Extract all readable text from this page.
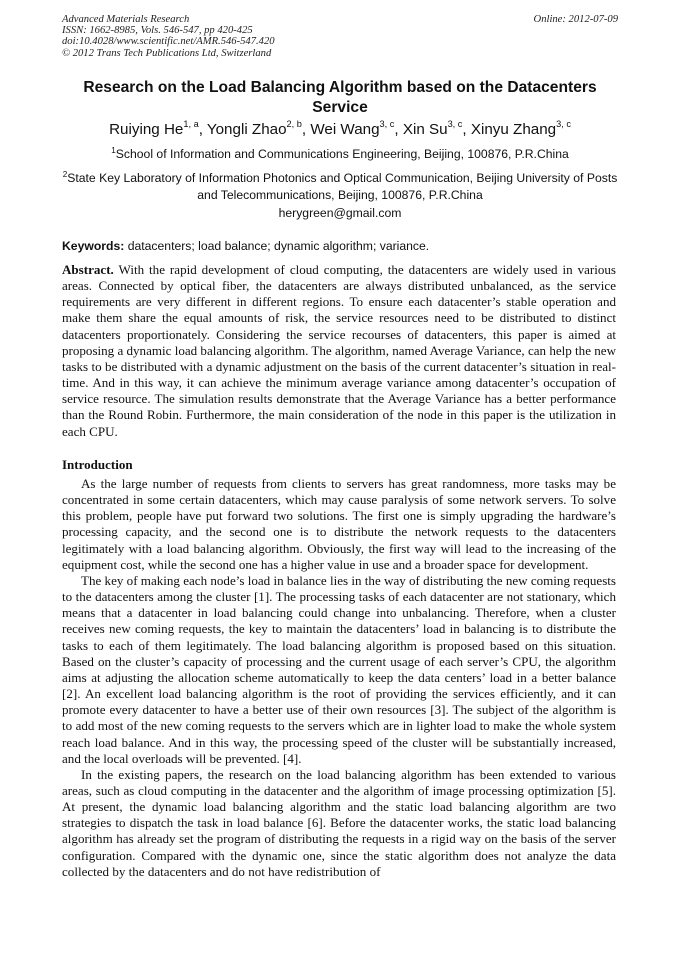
Advanced Materials Research	Online: 2012-07-09
ISSN: 1662-8985, Vols. 546-547, pp 420-425
doi:10.4028/www.scientific.net/AMR.546-547.420
© 2012 Trans Tech Publications Ltd, Switzerland
Research on the Load Balancing Algorithm based on the Datacenters Service
Ruiying He$^{1, a}$, Yongli Zhao$^{2, b}$, Wei Wang$^{3, c}$, Xin Su$^{3, c}$, Xinyu Zhang$^{3, c}$
$^1$School of Information and Communications Engineering, Beijing, 100876, P.R.China
$^2$State Key Laboratory of Information Photonics and Optical Communication, Beijing University of Posts and Telecommunications, Beijing, 100876, P.R.China
herygreen@gmail.com
Keywords: datacenters; load balance; dynamic algorithm; variance.
Abstract. With the rapid development of cloud computing, the datacenters are widely used in various areas. Connected by optical fiber, the datacenters are always distributed unbalanced, as the service requirements are very different in different regions. To ensure each datacenter’s stable operation and make them share the equal amounts of risk, the service resources need to be distributed to distinct datacenters proportionately. Considering the service recourses of datacenters, this paper is aimed at proposing a dynamic load balancing algorithm. The algorithm, named Average Variance, can help the new tasks to be distributed with a dynamic adjustment on the basis of the current datacenter’s situation in real-time. And in this way, it can achieve the minimum average variance among datacenter’s occupation of service resource. The simulation results demonstrate that the Average Variance has a better performance than the Round Robin. Furthermore, the main consideration of the node in this paper is the utilization in each CPU.
Introduction

As the large number of requests from clients to servers has great randomness, more tasks may be concentrated in some certain datacenters, which may cause paralysis of some network servers. To solve this problem, people have put forward two solutions. The first one is simply upgrading the hardware’s processing capacity, and the second one is to distribute the network requests to the datacenters legitimately with a load balancing algorithm. Obviously, the first way will lead to the increasing of the equipment cost, while the second one has a higher value in use and a broader space for development.

The key of making each node’s load in balance lies in the way of distributing the new coming requests to the datacenters among the cluster [1]. The processing tasks of each datacenter are not stationary, which means that a datacenter in load balancing could change into unbalancing. Therefore, when a cluster receives new coming requests, the key to maintain the datacenters’ load in balancing is to distribute the tasks to each of them legitimately. The load balancing algorithm is proposed based on this situation. Based on the cluster’s capacity of processing and the current usage of each server’s CPU, the algorithm aims at adjusting the allocation scheme automatically to keep the data centers’ load in a better balance [2]. An excellent load balancing algorithm is the root of providing the services efficiently, and it can promote every datacenter to have a better use of their own resources [3]. The subject of the algorithm is to add most of the new coming requests to the servers which are in lighter load to make the whole system reach load balance. And in this way, the processing speed of the cluster will be substantially increased, and the local overloads will be prevented. [4].

In the existing papers, the research on the load balancing algorithm has been extended to various areas, such as cloud computing in the datacenter and the algorithm of image processing optimization [5]. At present, the dynamic load balancing algorithm and the static load balancing algorithm are two strategies to dispatch the task in load balance [6]. Before the datacenter works, the static load balancing algorithm has already set the program of distributing the requests in a rigid way on the basis of the server configuration. Compared with the dynamic one, since the static algorithm does not analyze the data collected by the datacenters and do not have redistribution of
